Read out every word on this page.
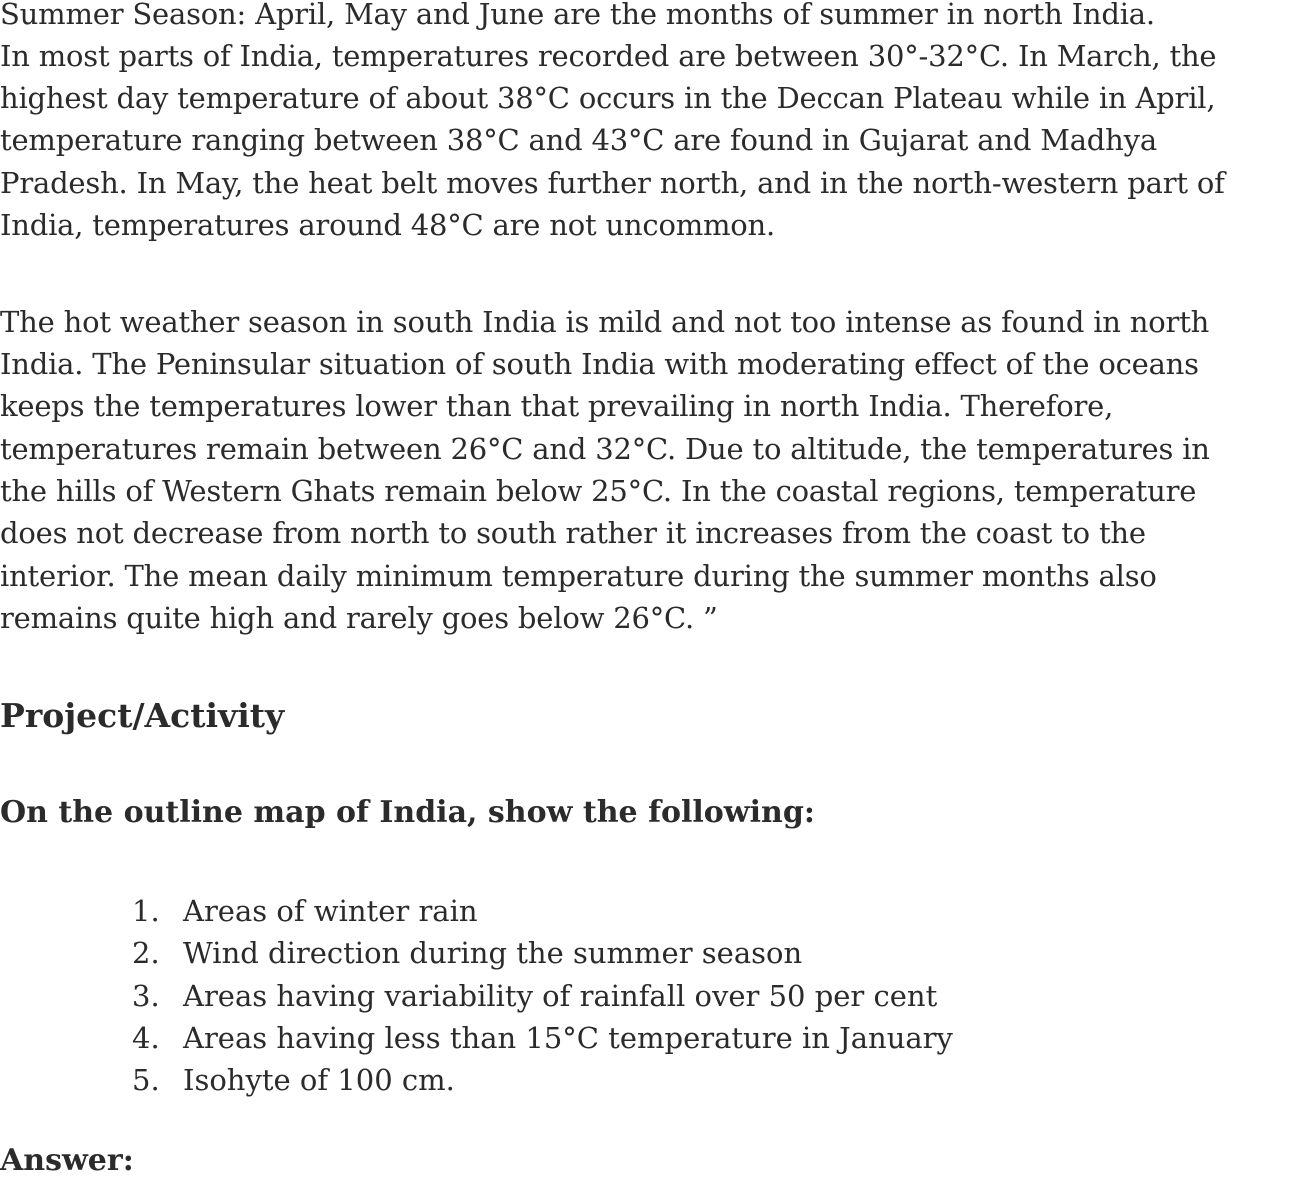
Summer Season: April, May and June are the months of summer in north India.
In most parts of India, temperatures recorded are between 30°-32°C. In March, the
highest day temperature of about 38°C occurs in the Deccan Plateau while in April,
temperature ranging between 38°C and 43°C are found in Gujarat and Madhya
Pradesh. In May, the heat belt moves further north, and in the north-western part of
India, temperatures around 48°C are not uncommon.
The hot weather season in south India is mild and not too intense as found in north
India. The Peninsular situation of south India with moderating effect of the oceans
keeps the temperatures lower than that prevailing in north India. Therefore,
temperatures remain between 26°C and 32°C. Due to altitude, the temperatures in
the hills of Western Ghats remain below 25°C. In the coastal regions, temperature
does not decrease from north to south rather it increases from the coast to the
interior. The mean daily minimum temperature during the summer months also
remains quite high and rarely goes below 26°C. ”
Project/Activity
On the outline map of India, show the following:
1. Areas of winter rain
2. Wind direction during the summer season
3. Areas having variability of rainfall over 50 per cent
4. Areas having less than 15°C temperature in January
5. Isohyte of 100 cm.
Answer:
